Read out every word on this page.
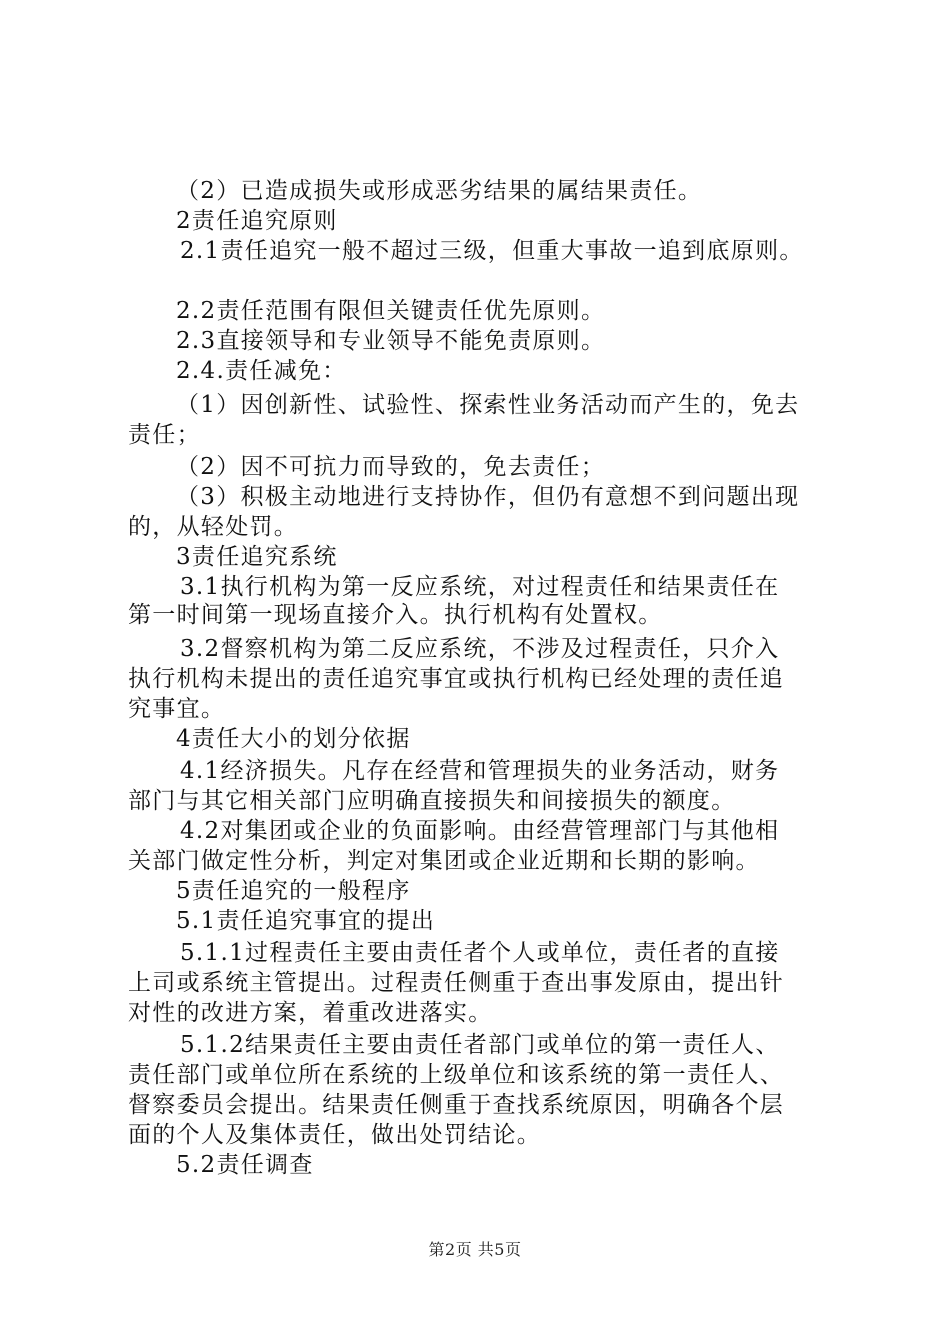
（2）已造成损失或形成恶劣结果的属结果责任。
2责任追究原则
2.1责任追究一般不超过三级，但重大事故一追到底原则。
2.2责任范围有限但关键责任优先原则。
2.3直接领导和专业领导不能免责原则。
2.4.责任减免：
（1）因创新性、试验性、探索性业务活动而产生的，免去
责任；
（2）因不可抗力而导致的，免去责任；
（3）积极主动地进行支持协作，但仍有意想不到问题出现
的，从轻处罚。
3责任追究系统
3.1执行机构为第一反应系统，对过程责任和结果责任在
第一时间第一现场直接介入。执行机构有处置权。
3.2督察机构为第二反应系统，不涉及过程责任，只介入
执行机构未提出的责任追究事宜或执行机构已经处理的责任追
究事宜。
4责任大小的划分依据
4.1经济损失。凡存在经营和管理损失的业务活动，财务
部门与其它相关部门应明确直接损失和间接损失的额度。
4.2对集团或企业的负面影响。由经营管理部门与其他相
关部门做定性分析，判定对集团或企业近期和长期的影响。
5责任追究的一般程序
5.1责任追究事宜的提出
5.1.1过程责任主要由责任者个人或单位，责任者的直接
上司或系统主管提出。过程责任侧重于查出事发原由，提出针
对性的改进方案，着重改进落实。
5.1.2结果责任主要由责任者部门或单位的第一责任人、
责任部门或单位所在系统的上级单位和该系统的第一责任人、
督察委员会提出。结果责任侧重于查找系统原因，明确各个层
面的个人及集体责任，做出处罚结论。
5.2责任调查
第2页 共5页
